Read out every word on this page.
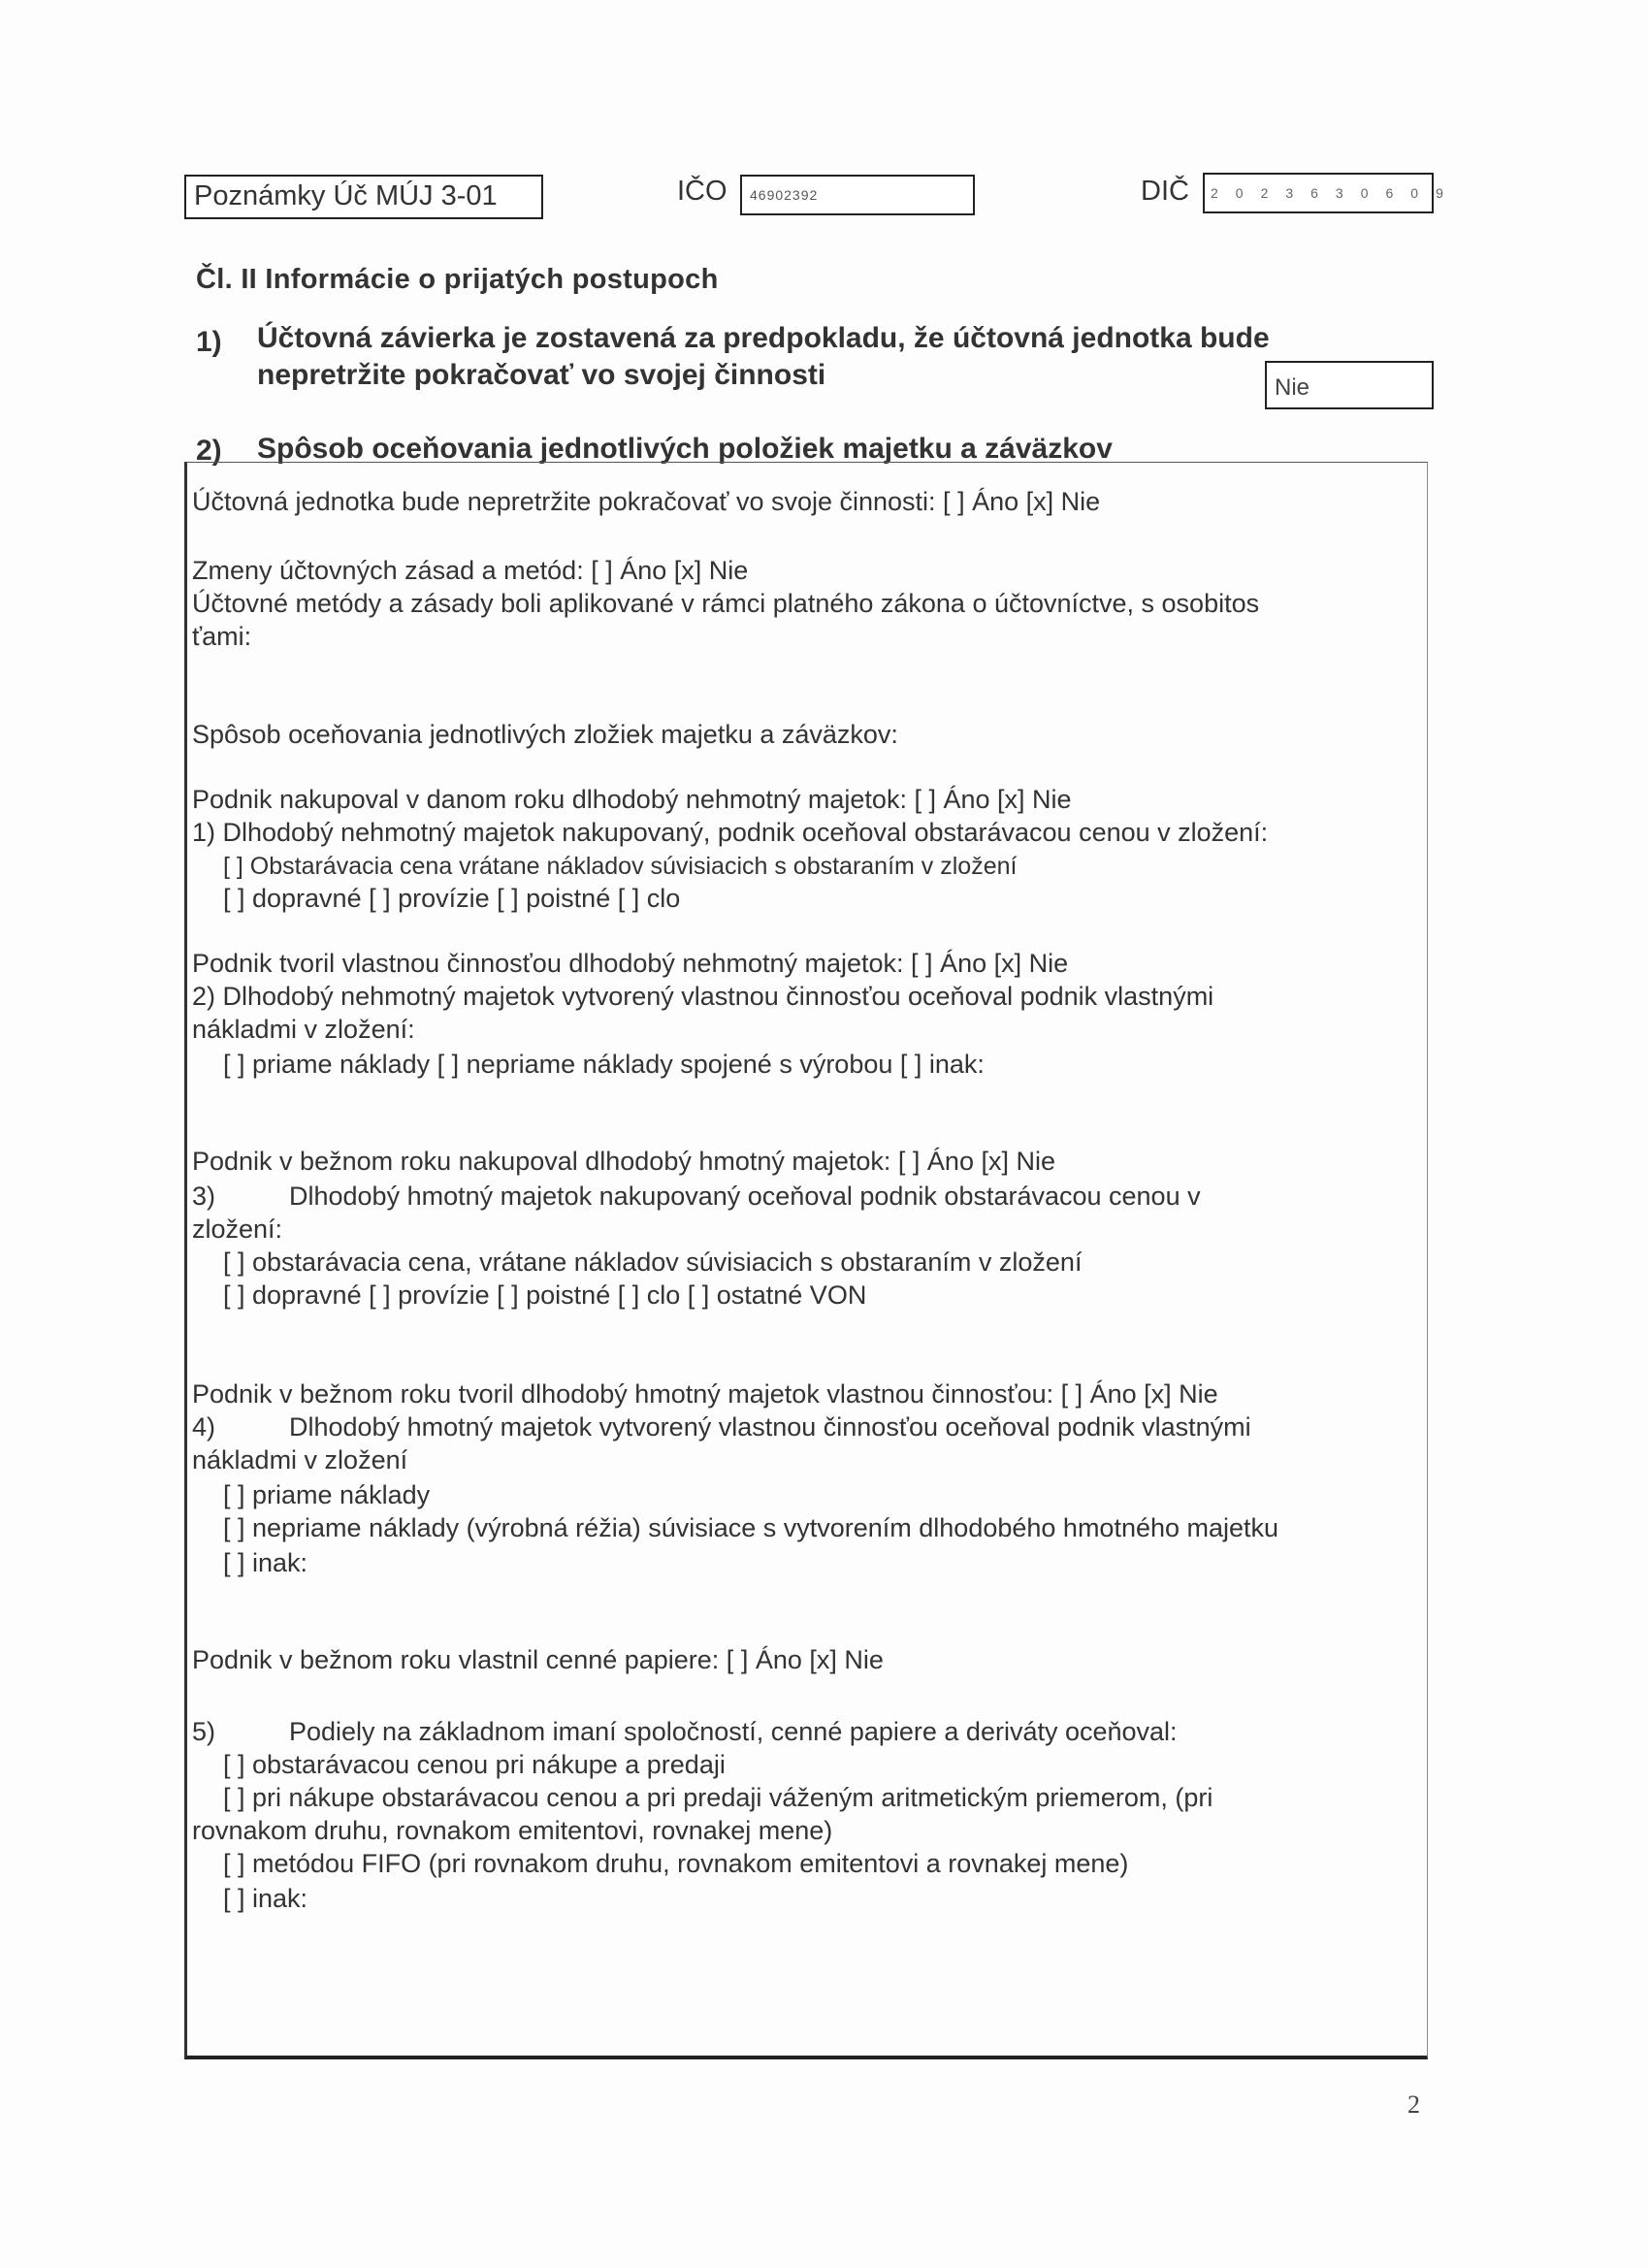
Poznámky Úč MÚJ 3-01	IČO 46902392	DIČ 2023630609
Čl. II Informácie o prijatých postupoch
1) Účtovná závierka je zostavená za predpokladu, že účtovná jednotka bude
nepretržite pokračovať vo svojej činnosti	Nie
2) Spôsob oceňovania jednotlivých položiek majetku a záväzkov
Účtovná jednotka bude nepretržite pokračovať vo svoje činnosti: [ ] Áno [x] Nie
Zmeny účtovných zásad a metód: [ ] Áno [x] Nie
Účtovné metódy a zásady boli aplikované v rámci platného zákona o účtovníctve, s osobitos
ťami:
Spôsob oceňovania jednotlivých zložiek majetku a záväzkov:
Podnik nakupoval v danom roku dlhodobý nehmotný majetok: [ ] Áno [x] Nie
1) Dlhodobý nehmotný majetok nakupovaný, podnik oceňoval obstarávacou cenou v zložení:
[ ] Obstarávacia cena vrátane nákladov súvisiacich s obstaraním v zložení
[ ] dopravné [ ] provízie [ ] poistné [ ] clo
Podnik tvoril vlastnou činnosťou dlhodobý nehmotný majetok: [ ] Áno [x] Nie
2) Dlhodobý nehmotný majetok vytvorený vlastnou činnosťou oceňoval podnik vlastnými
nákladmi v zložení:
[ ] priame náklady [ ] nepriame náklady spojené s výrobou [ ] inak:
Podnik v bežnom roku nakupoval dlhodobý hmotný majetok: [ ] Áno [x] Nie
3)	Dlhodobý hmotný majetok nakupovaný oceňoval podnik obstarávacou cenou v
zložení:
[ ] obstarávacia cena, vrátane nákladov súvisiacich s obstaraním v zložení
[ ] dopravné [ ] provízie [ ] poistné [ ] clo [ ] ostatné VON
Podnik v bežnom roku tvoril dlhodobý hmotný majetok vlastnou činnosťou: [ ] Áno [x] Nie
4)	Dlhodobý hmotný majetok vytvorený vlastnou činnosťou oceňoval podnik vlastnými
nákladmi v zložení
[ ] priame náklady
[ ] nepriame náklady (výrobná réžia) súvisiace s vytvorením dlhodobého hmotného majetku
[ ] inak:
Podnik v bežnom roku vlastnil cenné papiere: [ ] Áno [x] Nie
5)	Podiely na základnom imaní spoločností, cenné papiere a deriváty oceňoval:
[ ] obstarávacou cenou pri nákupe a predaji
[ ] pri nákupe obstarávacou cenou a pri predaji váženým aritmetickým priemerom, (pri
rovnakom druhu, rovnakom emitentovi, rovnakej mene)
[ ] metódou FIFO (pri rovnakom druhu, rovnakom emitentovi a rovnakej mene)
[ ] inak:
2
